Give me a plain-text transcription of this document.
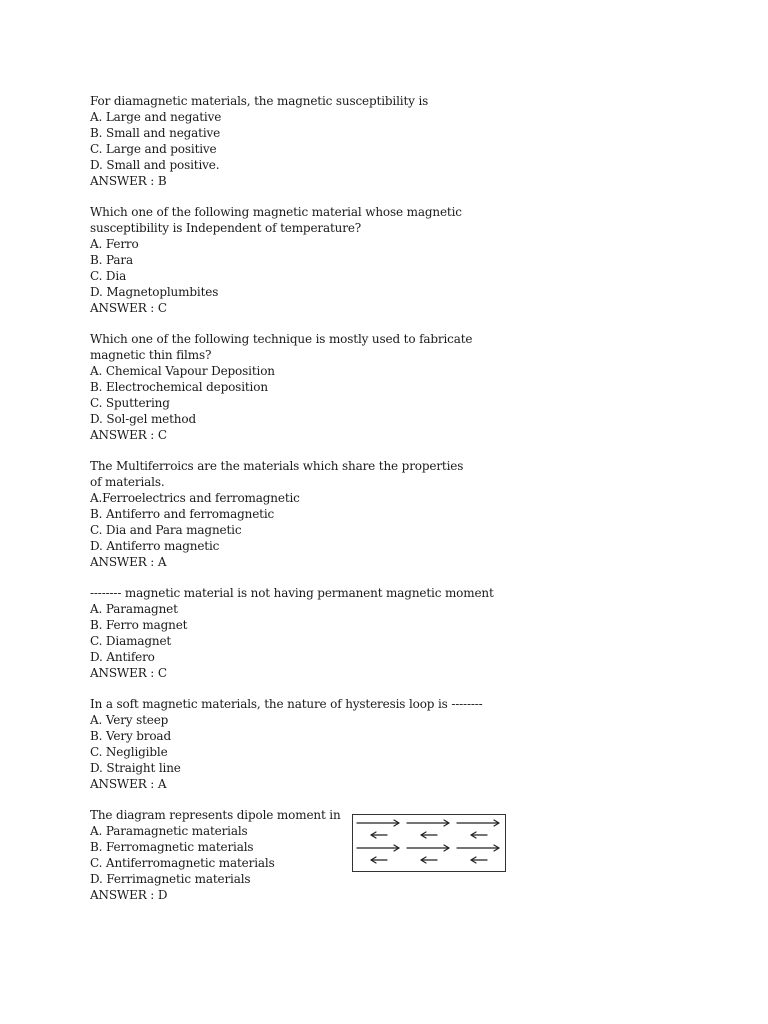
For diamagnetic materials, the magnetic susceptibility is
A. Large and negative
B. Small and negative
C. Large and positive
D. Small and positive.
ANSWER : B
Which one of the following magnetic material whose magnetic susceptibility is Independent of temperature?
A. Ferro
B. Para
C. Dia
D. Magnetoplumbites
ANSWER : C
Which one of the following technique is mostly used to fabricate magnetic thin films?
A. Chemical Vapour Deposition
B. Electrochemical deposition
C. Sputtering
D. Sol-gel method
ANSWER : C
The Multiferroics are the materials which share the properties of materials.
A.Ferroelectrics and ferromagnetic
B. Antiferro and ferromagnetic
C. Dia and Para magnetic
D. Antiferro magnetic
ANSWER : A
-------- magnetic material is not having permanent magnetic moment
A. Paramagnet
B. Ferro magnet
C. Diamagnet
D. Antifero
ANSWER : C
In a soft magnetic materials, the nature of hysteresis loop is --------
A. Very steep
B. Very broad
C. Negligible
D. Straight line
ANSWER : A
The diagram represents dipole moment in
A. Paramagnetic materials
B. Ferromagnetic materials
C. Antiferromagnetic materials
D. Ferrimagnetic materials
ANSWER : D
